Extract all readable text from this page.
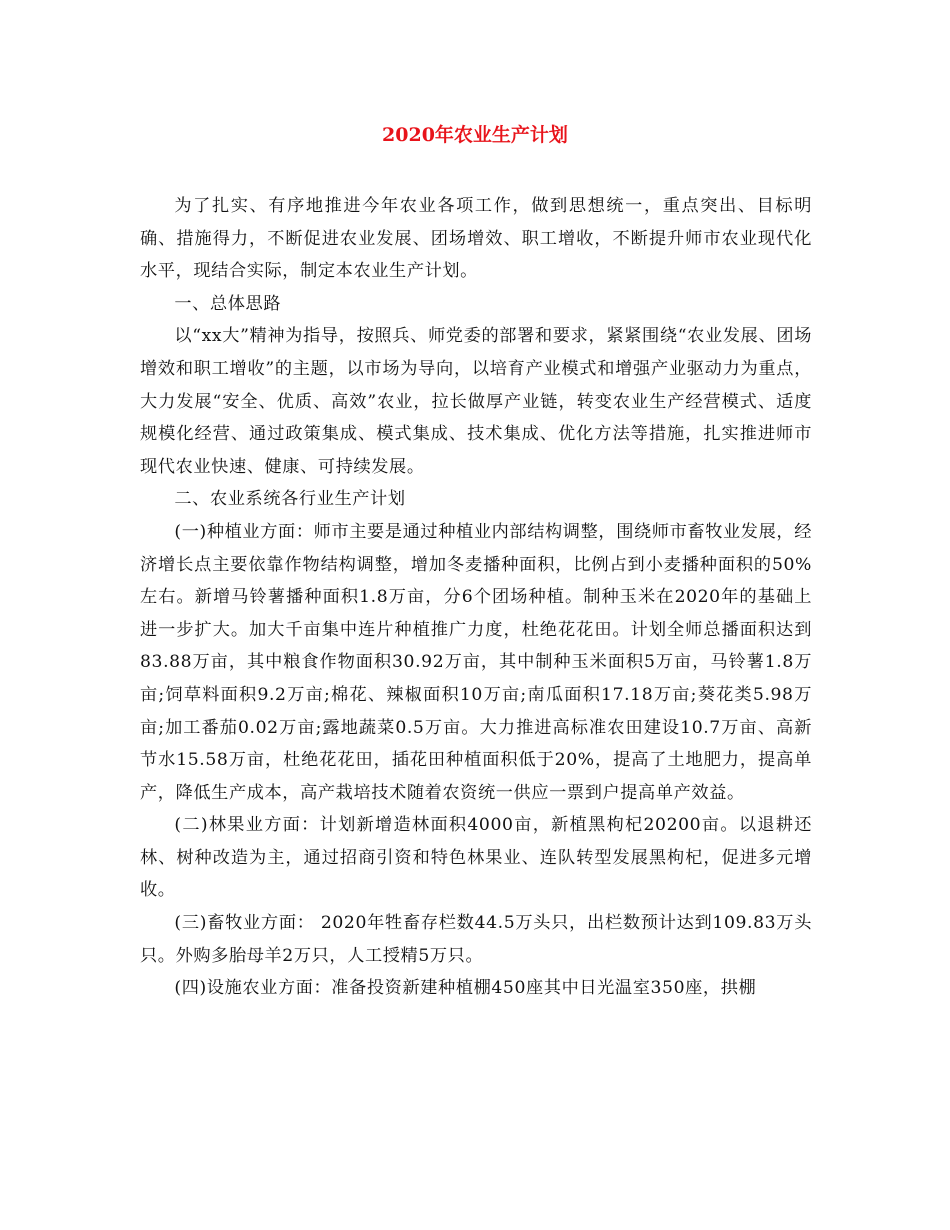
2020年农业生产计划

为了扎实、有序地推进今年农业各项工作，做到思想统一，重点突出、目标明确、措施得力，不断促进农业发展、团场增效、职工增收，不断提升师市农业现代化水平，现结合实际，制定本农业生产计划。

一、总体思路

以“xx大”精神为指导，按照兵、师党委的部署和要求，紧紧围绕“农业发展、团场增效和职工增收”的主题，以市场为导向，以培育产业模式和增强产业驱动力为重点，大力发展“安全、优质、高效”农业，拉长做厚产业链，转变农业生产经营模式、适度规模化经营、通过政策集成、模式集成、技术集成、优化方法等措施，扎实推进师市现代农业快速、健康、可持续发展。

二、农业系统各行业生产计划

(一)种植业方面：师市主要是通过种植业内部结构调整，围绕师市畜牧业发展，经济增长点主要依靠作物结构调整，增加冬麦播种面积，比例占到小麦播种面积的50%左右。新增马铃薯播种面积1.8万亩，分6个团场种植。制种玉米在2020年的基础上进一步扩大。加大千亩集中连片种植推广力度，杜绝花花田。计划全师总播面积达到83.88万亩，其中粮食作物面积30.92万亩，其中制种玉米面积5万亩，马铃薯1.8万亩;饲草料面积9.2万亩;棉花、辣椒面积10万亩;南瓜面积17.18万亩;葵花类5.98万亩;加工番茄0.02万亩;露地蔬菜0.5万亩。大力推进高标准农田建设10.7万亩、高新节水15.58万亩，杜绝花花田，插花田种植面积低于20%，提高了土地肥力，提高单产，降低生产成本，高产栽培技术随着农资统一供应一票到户提高单产效益。

(二)林果业方面：计划新增造林面积4000亩，新植黑枸杞20200亩。以退耕还林、树种改造为主，通过招商引资和特色林果业、连队转型发展黑枸杞，促进多元增收。

(三)畜牧业方面： 2020年牲畜存栏数44.5万头只，出栏数预计达到109.83万头只。外购多胎母羊2万只，人工授精5万只。

(四)设施农业方面：准备投资新建种植棚450座其中日光温室350座，拱棚
